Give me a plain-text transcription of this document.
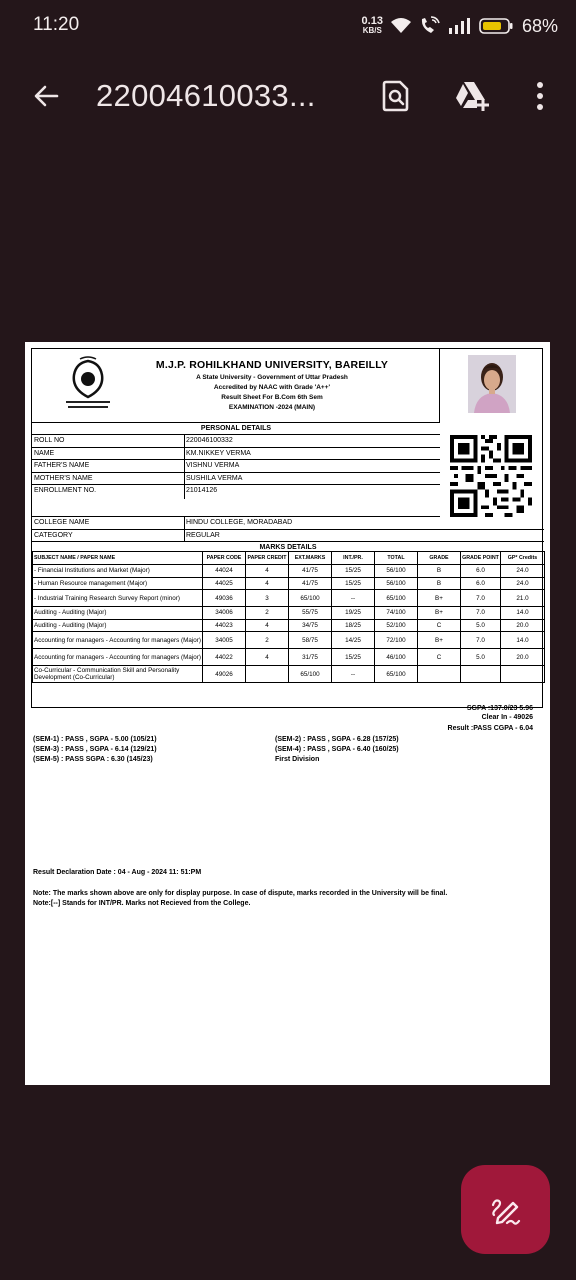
11:20	0.13
KB/S	68%
22004610033...
M.J.P. ROHILKHAND UNIVERSITY, BAREILLY
A State University - Government of Uttar Pradesh
Accredited by NAAC with Grade 'A++'
Result Sheet For B.Com 6th Sem
EXAMINATION -2024 (MAIN)
PERSONAL DETAILS
ROLL NO	220046100332
NAME	KM.NIKKEY VERMA
FATHER'S NAME	VISHNU VERMA
MOTHER'S NAME	SUSHILA VERMA
ENROLLMENT NO.	21014126
COLLEGE NAME	HINDU COLLEGE, MORADABAD
CATEGORY	REGULAR
MARKS DETAILS
SUBJECT NAME / PAPER NAME	PAPER CODE	PAPER CREDIT	EXT.MARKS	INT./PR.	TOTAL	GRADE	GRADE POINT	GP* Credits
- Financial Institutions and Market (Major)	44024	4	41/75	15/25	56/100	B	6.0	24.0
- Human Resource management (Major)	44025	4	41/75	15/25	56/100	B	6.0	24.0
- Industrial Training Research Survey Report (minor)	49036	3	65/100	--	65/100	B+	7.0	21.0
Auditing - Auditing (Major)	34006	2	55/75	19/25	74/100	B+	7.0	14.0
Auditing - Auditing (Major)	44023	4	34/75	18/25	52/100	C	5.0	20.0
Accounting for managers - Accounting for managers (Major)	34005	2	58/75	14/25	72/100	B+	7.0	14.0
Accounting for managers - Accounting for managers (Major)	44022	4	31/75	15/25	46/100	C	5.0	20.0
Co-Curricular - Communication Skill and Personality Development (Co-Curricular)	49026		65/100	--	65/100			
SGPA :137.0/23 5.96
Clear In - 49026
Result :PASS CGPA - 6.04
(SEM-1) : PASS , SGPA - 5.00 (105/21)	(SEM-2) : PASS , SGPA - 6.28 (157/25)
(SEM-3) : PASS , SGPA - 6.14 (129/21)	(SEM-4) : PASS , SGPA - 6.40 (160/25)
(SEM-5) : PASS SGPA : 6.30 (145/23)	First Division
Result Declaration Date : 04 - Aug - 2024 11: 51:PM
Note: The marks shown above are only for display purpose. In case of dispute, marks recorded in the University will be final.
Note:[--] Stands for INT/PR. Marks not Recieved from the College.
